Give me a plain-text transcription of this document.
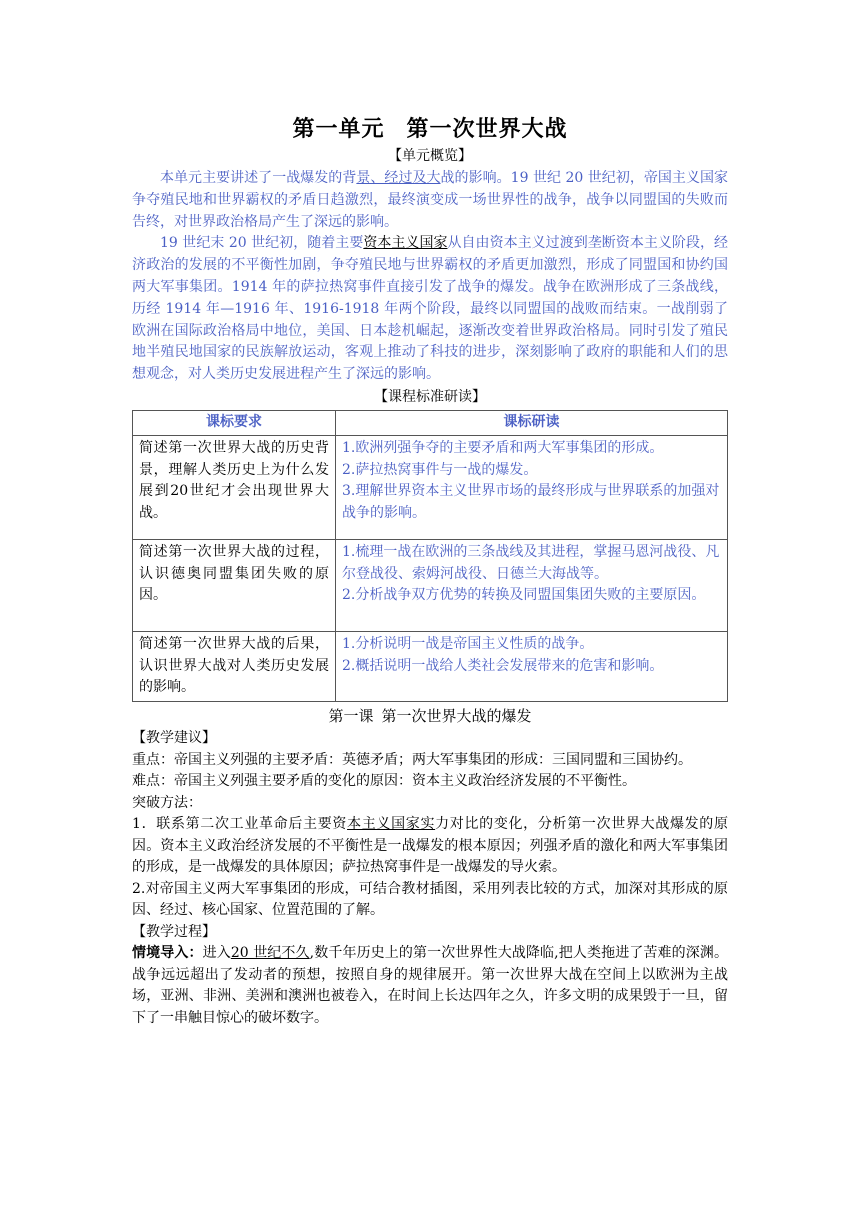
第一单元 第一次世界大战
【单元概览】

本单元主要讲述了一战爆发的背景、经过及大战的影响。19 世纪 20 世纪初，帝国主义国家争夺殖民地和世界霸权的矛盾日趋激烈，最终演变成一场世界性的战争，战争以同盟国的失败而告终，对世界政治格局产生了深远的影响。

19 世纪末 20 世纪初，随着主要资本主义国家从自由资本主义过渡到垄断资本主义阶段，经济政治的发展的不平衡性加剧，争夺殖民地与世界霸权的矛盾更加激烈，形成了同盟国和协约国两大军事集团。1914 年的萨拉热窝事件直接引发了战争的爆发。战争在欧洲形成了三条战线，历经 1914 年—1916 年、1916-1918 年两个阶段，最终以同盟国的战败而结束。一战削弱了欧洲在国际政治格局中地位，美国、日本趁机崛起，逐渐改变着世界政治格局。同时引发了殖民地半殖民地国家的民族解放运动，客观上推动了科技的进步，深刻影响了政府的职能和人们的思想观念，对人类历史发展进程产生了深远的影响。

【课程标准研读】
课标要求	课标研读
简述第一次世界大战的历史背景，理解人类历史上为什么发展到20世纪才会出现世界大战。	1.欧洲列强争夺的主要矛盾和两大军事集团的形成。
2.萨拉热窝事件与一战的爆发。
3.理解世界资本主义世界市场的最终形成与世界联系的加强对战争的影响。

简述第一次世界大战的过程，认识德奥同盟集团失败的原因。	1.梳理一战在欧洲的三条战线及其进程，掌握马恩河战役、凡尔登战役、索姆河战役、日德兰大海战等。
2.分析战争双方优势的转换及同盟国集团失败的主要原因。

简述第一次世界大战的后果，认识世界大战对人类历史发展的影响。	1.分析说明一战是帝国主义性质的战争。
2.概括说明一战给人类社会发展带来的危害和影响。
第一课 第一次世界大战的爆发

【教学建议】

重点：帝国主义列强的主要矛盾：英德矛盾；两大军事集团的形成：三国同盟和三国协约。

难点：帝国主义列强主要矛盾的变化的原因：资本主义政治经济发展的不平衡性。

突破方法：

1．联系第二次工业革命后主要资本主义国家实力对比的变化，分析第一次世界大战爆发的原因。资本主义政治经济发展的不平衡性是一战爆发的根本原因；列强矛盾的激化和两大军事集团的形成，是一战爆发的具体原因；萨拉热窝事件是一战爆发的导火索。

2.对帝国主义两大军事集团的形成，可结合教材插图，采用列表比较的方式，加深对其形成的原因、经过、核心国家、位置范围的了解。

【教学过程】

情境导入：进入20 世纪不久,数千年历史上的第一次世界性大战降临,把人类拖进了苦难的深渊。战争远远超出了发动者的预想，按照自身的规律展开。第一次世界大战在空间上以欧洲为主战场，亚洲、非洲、美洲和澳洲也被卷入，在时间上长达四年之久，许多文明的成果毁于一旦，留下了一串触目惊心的破坏数字。
